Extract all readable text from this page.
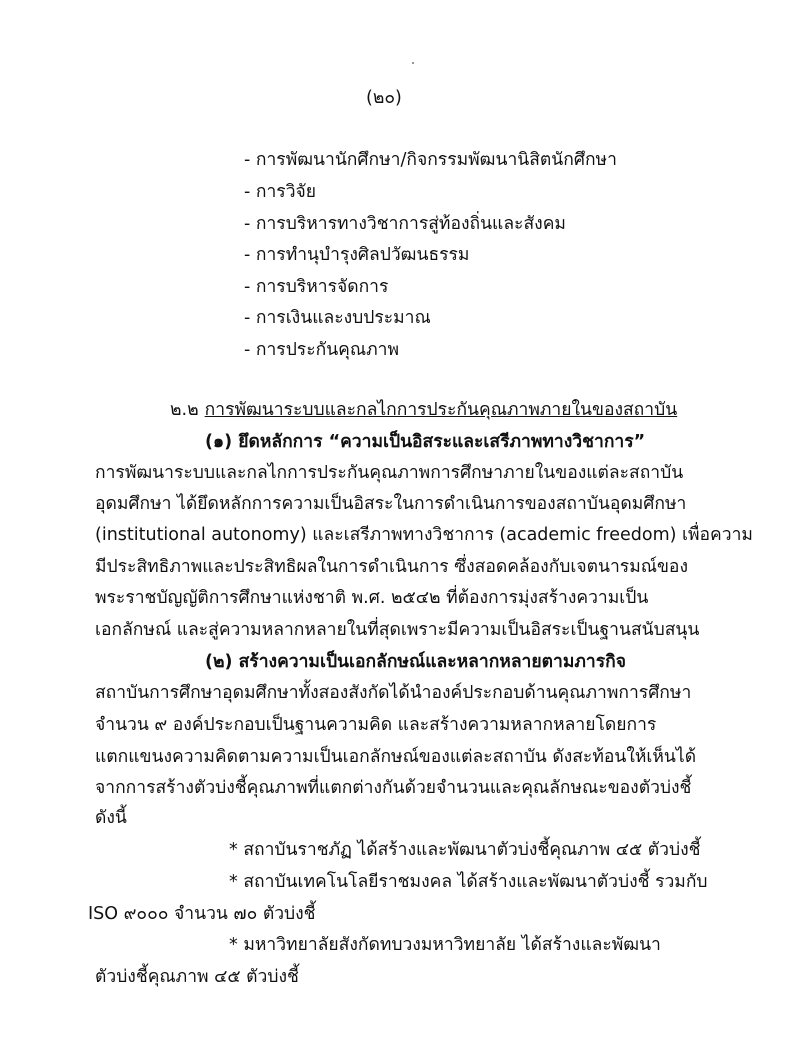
(๒๐)
- การพัฒนานักศึกษา/กิจกรรมพัฒนานิสิตนักศึกษา
- การวิจัย
- การบริหารทางวิชาการสู่ท้องถิ่นและสังคม
- การทำนุบำรุงศิลปวัฒนธรรม
- การบริหารจัดการ
- การเงินและงบประมาณ
- การประกันคุณภาพ
๒.๒ การพัฒนาระบบและกลไกการประกันคุณภาพภายในของสถาบัน
(๑) ยึดหลักการ “ความเป็นอิสระและเสรีภาพทางวิชาการ”
การพัฒนาระบบและกลไกการประกันคุณภาพการศึกษาภายในของแต่ละสถาบัน
อุดมศึกษา ได้ยึดหลักการความเป็นอิสระในการดำเนินการของสถาบันอุดมศึกษา
(institutional autonomy) และเสรีภาพทางวิชาการ (academic freedom) เพื่อความ
มีประสิทธิภาพและประสิทธิผลในการดำเนินการ ซึ่งสอดคล้องกับเจตนารมณ์ของ
พระราชบัญญัติการศึกษาแห่งชาติ พ.ศ. ๒๕๔๒ ที่ต้องการมุ่งสร้างความเป็น
เอกลักษณ์ และสู่ความหลากหลายในที่สุดเพราะมีความเป็นอิสระเป็นฐานสนับสนุน
(๒) สร้างความเป็นเอกลักษณ์และหลากหลายตามภารกิจ
สถาบันการศึกษาอุดมศึกษาทั้งสองสังกัดได้นำองค์ประกอบด้านคุณภาพการศึกษา
จำนวน ๙ องค์ประกอบเป็นฐานความคิด และสร้างความหลากหลายโดยการ
แตกแขนงความคิดตามความเป็นเอกลักษณ์ของแต่ละสถาบัน ดังสะท้อนให้เห็นได้
จากการสร้างตัวบ่งชี้คุณภาพที่แตกต่างกันด้วยจำนวนและคุณลักษณะของตัวบ่งชี้
ดังนี้
* สถาบันราชภัฏ ได้สร้างและพัฒนาตัวบ่งชี้คุณภาพ ๔๕ ตัวบ่งชี้
* สถาบันเทคโนโลยีราชมงคล ได้สร้างและพัฒนาตัวบ่งชี้ รวมกับ
ISO ๙๐๐๐ จำนวน ๗๐ ตัวบ่งชี้
* มหาวิทยาลัยสังกัดทบวงมหาวิทยาลัย ได้สร้างและพัฒนา
ตัวบ่งชี้คุณภาพ ๔๕ ตัวบ่งชี้
